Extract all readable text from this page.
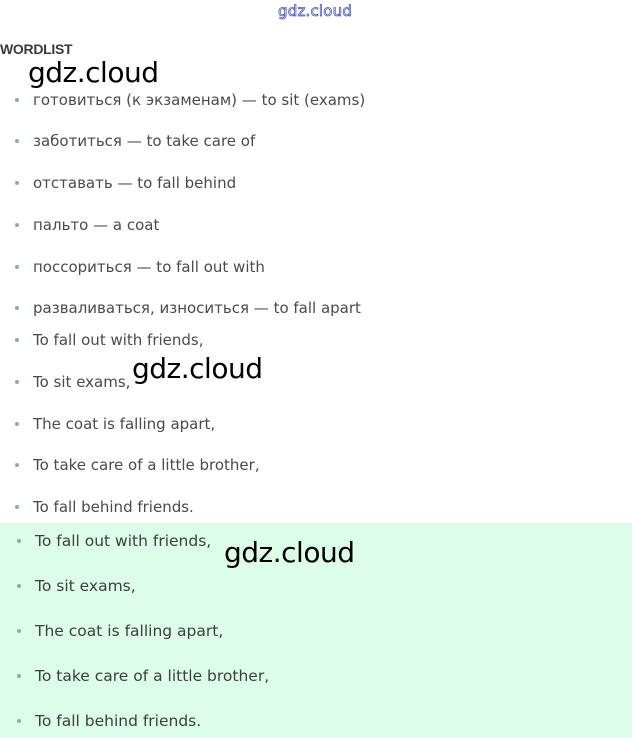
gdz.cloud
WORDLIST
готовиться (к экзаменам) — to sit (exams)
заботиться — to take care of
отставать — to fall behind
пальто — a coat
поссориться — to fall out with
разваливаться, износиться — to fall apart
To fall out with friends,
To sit exams,
The coat is falling apart,
To take care of a little brother,
To fall behind friends.
To fall out with friends,
To sit exams,
The coat is falling apart,
To take care of a little brother,
To fall behind friends.
gdz.cloud
gdz.cloud
gdz.cloud
